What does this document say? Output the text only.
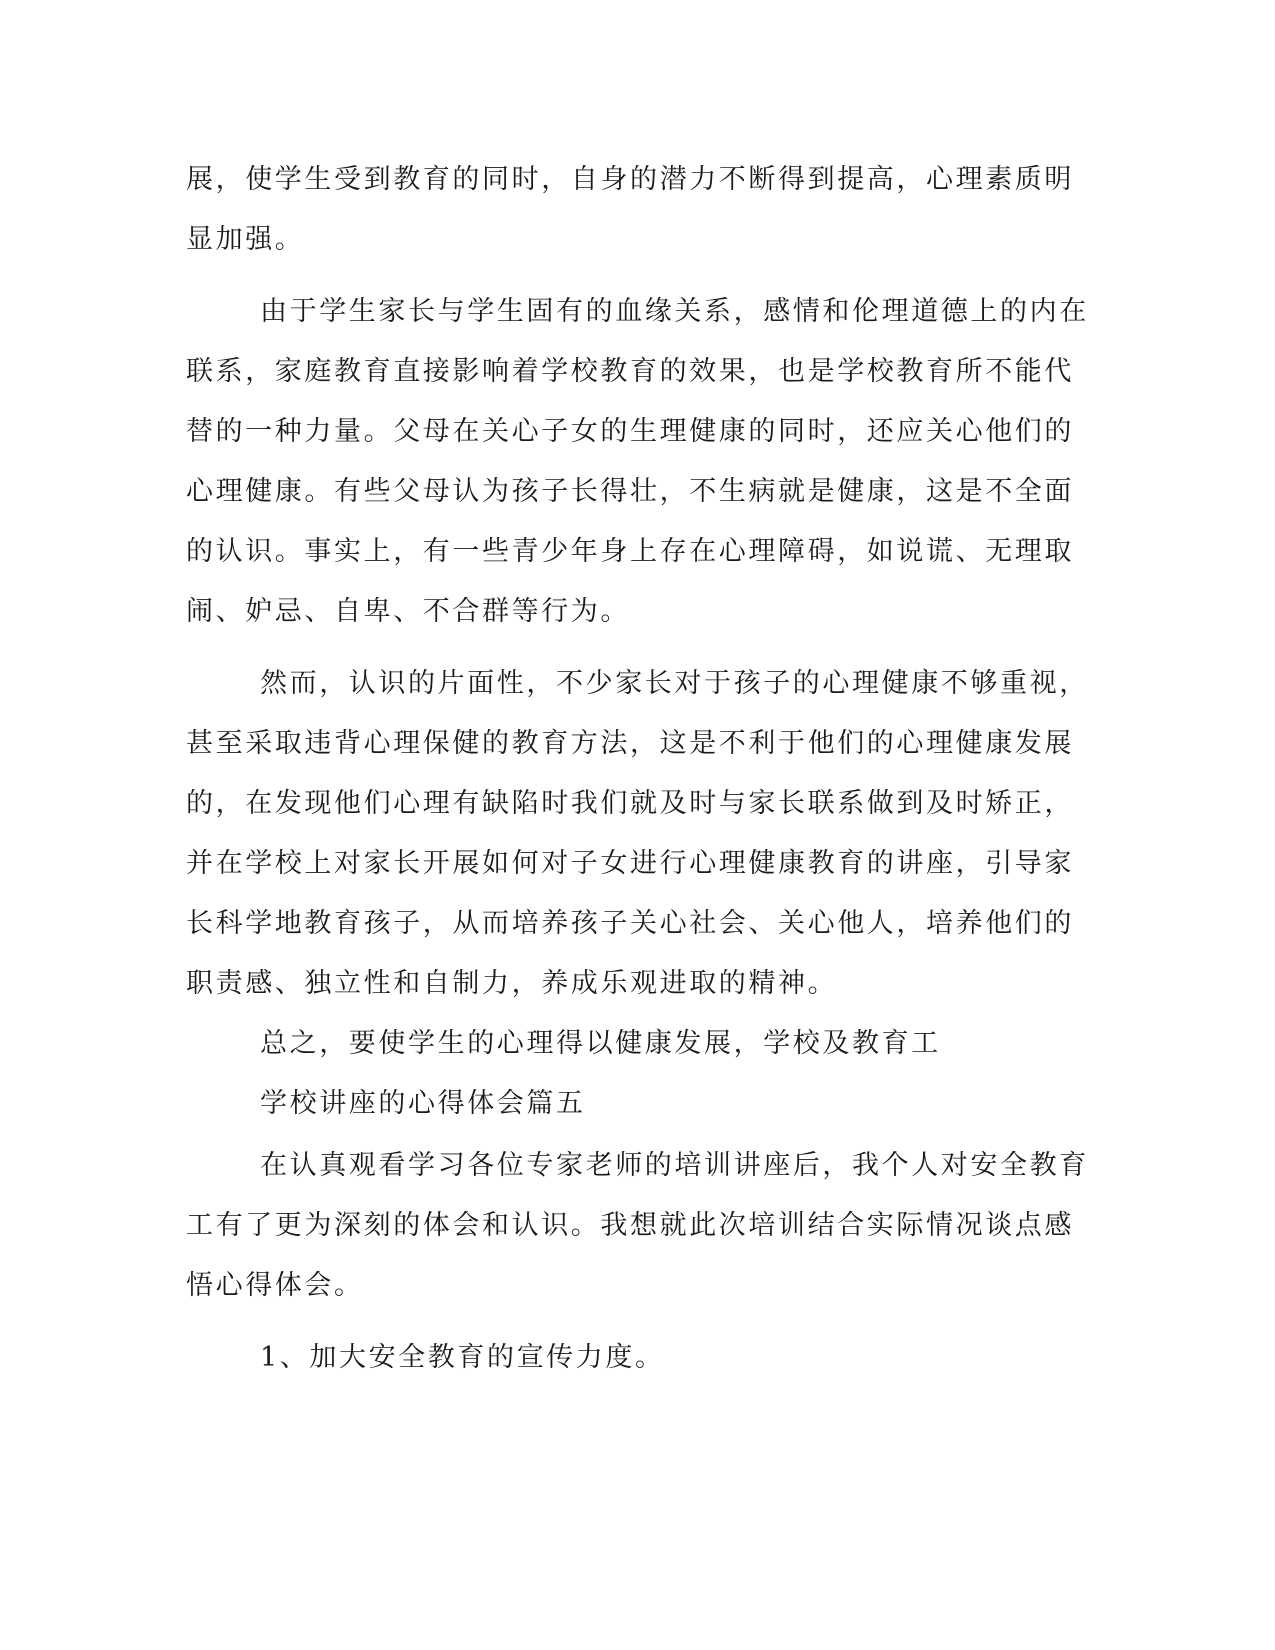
展，使学生受到教育的同时，自身的潜力不断得到提高，心理素质明
显加强。
由于学生家长与学生固有的血缘关系，感情和伦理道德上的内在
联系，家庭教育直接影响着学校教育的效果，也是学校教育所不能代
替的一种力量。父母在关心子女的生理健康的同时，还应关心他们的
心理健康。有些父母认为孩子长得壮，不生病就是健康，这是不全面
的认识。事实上，有一些青少年身上存在心理障碍，如说谎、无理取
闹、妒忌、自卑、不合群等行为。
然而，认识的片面性，不少家长对于孩子的心理健康不够重视，
甚至采取违背心理保健的教育方法，这是不利于他们的心理健康发展
的，在发现他们心理有缺陷时我们就及时与家长联系做到及时矫正，
并在学校上对家长开展如何对子女进行心理健康教育的讲座，引导家
长科学地教育孩子，从而培养孩子关心社会、关心他人，培养他们的
职责感、独立性和自制力，养成乐观进取的精神。
总之，要使学生的心理得以健康发展，学校及教育工
学校讲座的心得体会篇五
在认真观看学习各位专家老师的培训讲座后，我个人对安全教育
工有了更为深刻的体会和认识。我想就此次培训结合实际情况谈点感
悟心得体会。
1、加大安全教育的宣传力度。
